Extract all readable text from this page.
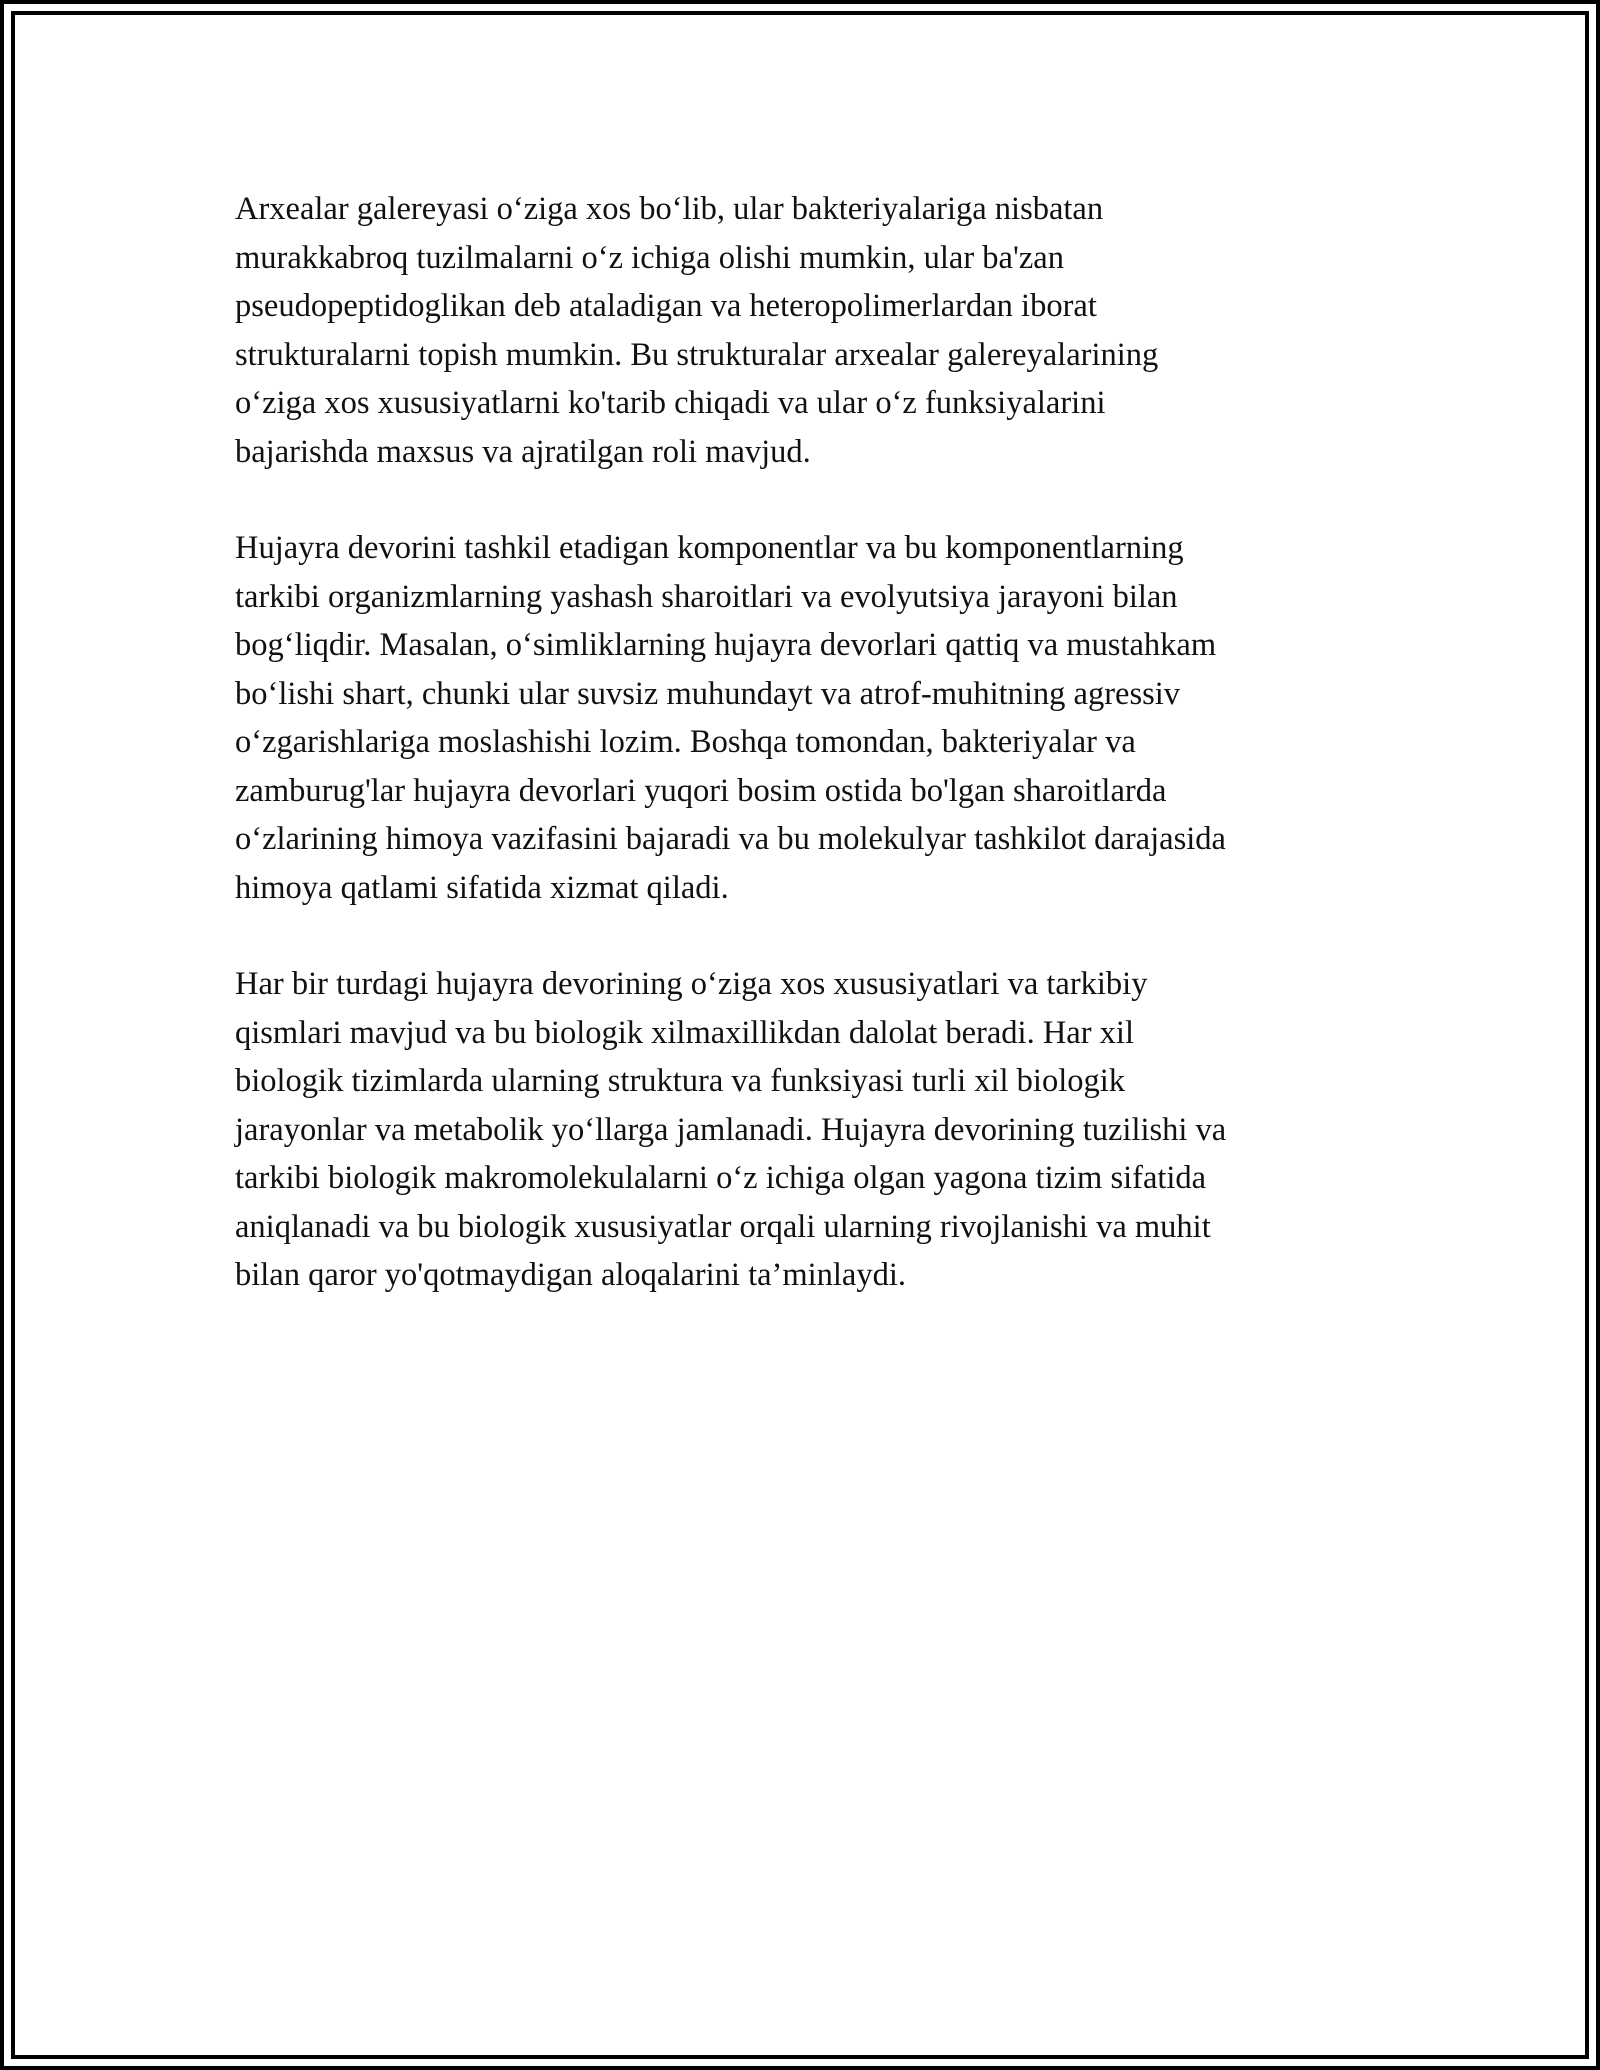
Arxealar galereyasi o‘ziga xos bo‘lib, ular bakteriyalariga nisbatan
murakkabroq tuzilmalarni o‘z ichiga olishi mumkin, ular ba'zan
pseudopeptidoglikan deb ataladigan va heteropolimerlardan iborat
strukturalarni topish mumkin. Bu strukturalar arxealar galereyalarining
o‘ziga xos xususiyatlarni ko'tarib chiqadi va ular o‘z funksiyalarini
bajarishda maxsus va ajratilgan roli mavjud.

Hujayra devorini tashkil etadigan komponentlar va bu komponentlarning
tarkibi organizmlarning yashash sharoitlari va evolyutsiya jarayoni bilan
bog‘liqdir. Masalan, o‘simliklarning hujayra devorlari qattiq va mustahkam
bo‘lishi shart, chunki ular suvsiz muhundayt va atrof-muhitning agressiv
o‘zgarishlariga moslashishi lozim. Boshqa tomondan, bakteriyalar va
zamburug'lar hujayra devorlari yuqori bosim ostida bo'lgan sharoitlarda
o‘zlarining himoya vazifasini bajaradi va bu molekulyar tashkilot darajasida
himoya qatlami sifatida xizmat qiladi.

Har bir turdagi hujayra devorining o‘ziga xos xususiyatlari va tarkibiy
qismlari mavjud va bu biologik xilmaxillikdan dalolat beradi. Har xil
biologik tizimlarda ularning struktura va funksiyasi turli xil biologik
jarayonlar va metabolik yo‘llarga jamlanadi. Hujayra devorining tuzilishi va
tarkibi biologik makromolekulalarni o‘z ichiga olgan yagona tizim sifatida
aniqlanadi va bu biologik xususiyatlar orqali ularning rivojlanishi va muhit
bilan qaror yo'qotmaydigan aloqalarini ta’minlaydi.
